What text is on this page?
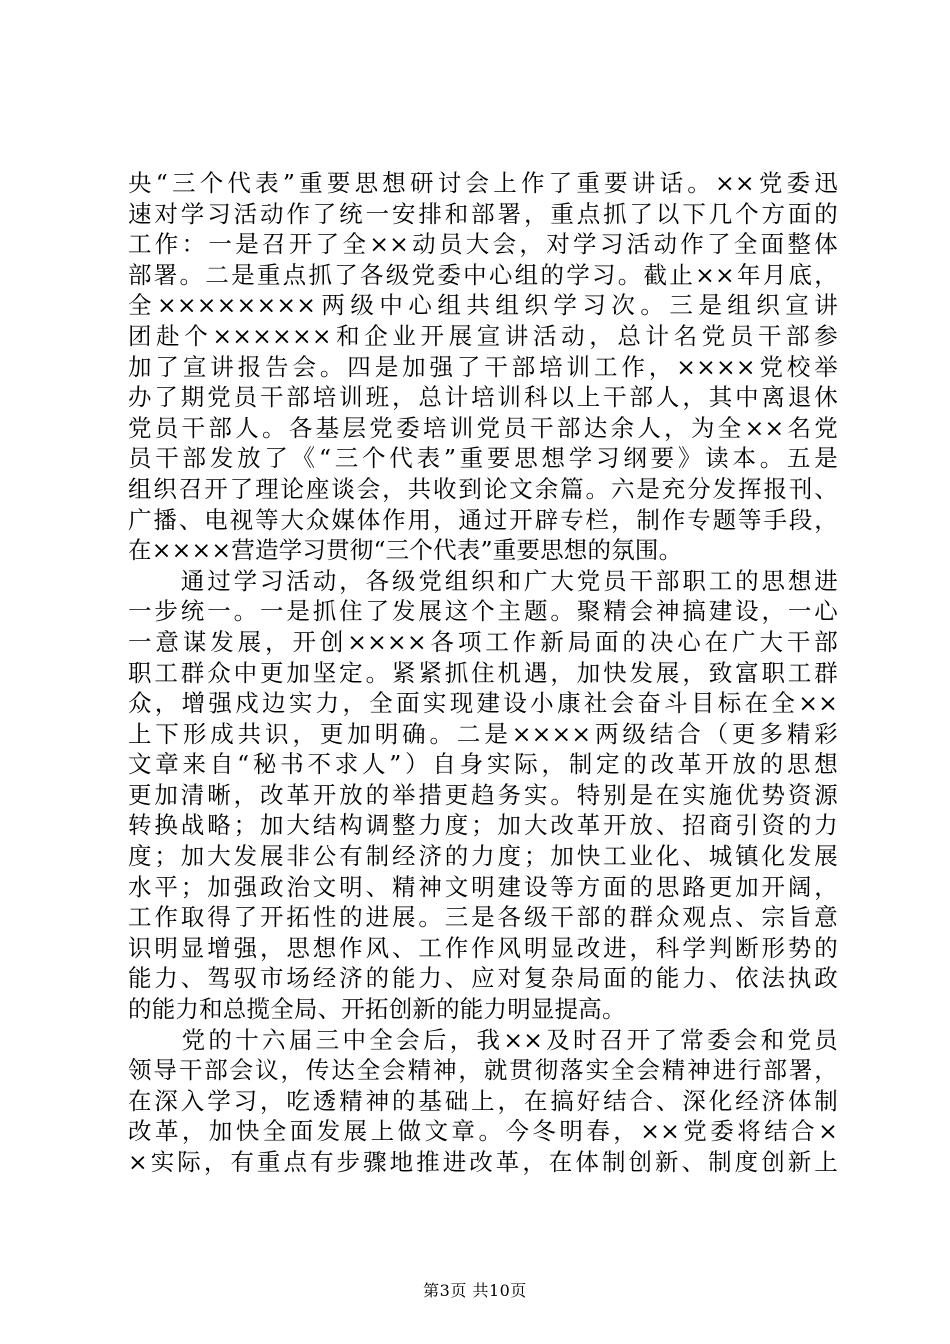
央“三个代表”重要思想研讨会上作了重要讲话。××党委迅
速对学习活动作了统一安排和部署，重点抓了以下几个方面的
工作：一是召开了全××动员大会，对学习活动作了全面整体
部署。二是重点抓了各级党委中心组的学习。截止××年月底，
全××××××××两级中心组共组织学习次。三是组织宣讲
团赴个××××××和企业开展宣讲活动，总计名党员干部参
加了宣讲报告会。四是加强了干部培训工作，××××党校举
办了期党员干部培训班，总计培训科以上干部人，其中离退休
党员干部人。各基层党委培训党员干部达余人，为全××名党
员干部发放了《“三个代表”重要思想学习纲要》读本。五是
组织召开了理论座谈会，共收到论文余篇。六是充分发挥报刊、
广播、电视等大众媒体作用，通过开辟专栏，制作专题等手段，
在××××营造学习贯彻“三个代表”重要思想的氛围。
　　通过学习活动，各级党组织和广大党员干部职工的思想进
一步统一。一是抓住了发展这个主题。聚精会神搞建设，一心
一意谋发展，开创××××各项工作新局面的决心在广大干部
职工群众中更加坚定。紧紧抓住机遇，加快发展，致富职工群
众，增强戍边实力，全面实现建设小康社会奋斗目标在全××
上下形成共识，更加明确。二是××××两级结合（更多精彩
文章来自“秘书不求人”）自身实际，制定的改革开放的思想
更加清晰，改革开放的举措更趋务实。特别是在实施优势资源
转换战略；加大结构调整力度；加大改革开放、招商引资的力
度；加大发展非公有制经济的力度；加快工业化、城镇化发展
水平；加强政治文明、精神文明建设等方面的思路更加开阔，
工作取得了开拓性的进展。三是各级干部的群众观点、宗旨意
识明显增强，思想作风、工作作风明显改进，科学判断形势的
能力、驾驭市场经济的能力、应对复杂局面的能力、依法执政
的能力和总揽全局、开拓创新的能力明显提高。
　　党的十六届三中全会后，我××及时召开了常委会和党员
领导干部会议，传达全会精神，就贯彻落实全会精神进行部署，
在深入学习，吃透精神的基础上，在搞好结合、深化经济体制
改革，加快全面发展上做文章。今冬明春，××党委将结合×
×实际，有重点有步骤地推进改革，在体制创新、制度创新上
第3页 共10页
